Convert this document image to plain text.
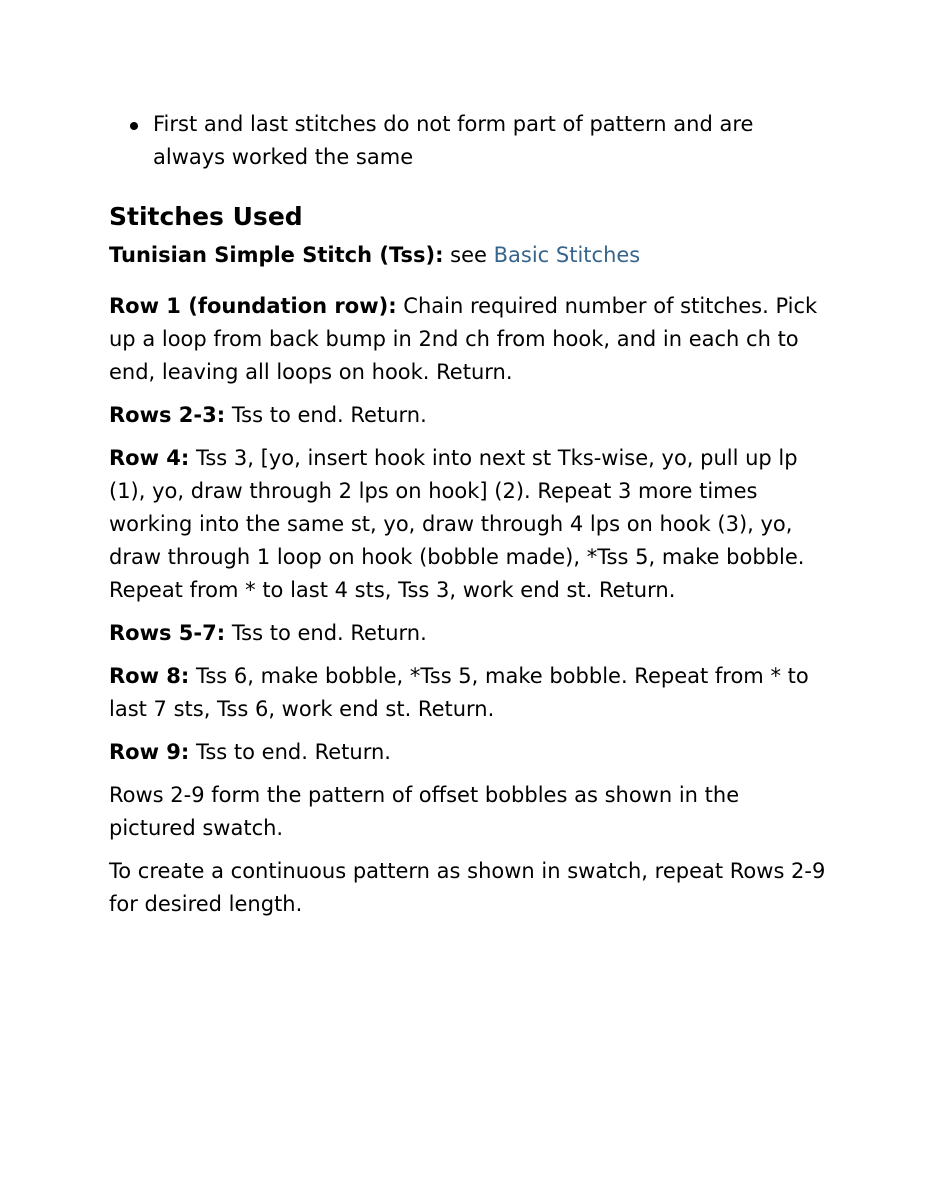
First and last stitches do not form part of pattern and are always worked the same
Stitches Used

Tunisian Simple Stitch (Tss): see Basic Stitches

Row 1 (foundation row): Chain required number of stitches. Pick up a loop from back bump in 2nd ch from hook, and in each ch to end, leaving all loops on hook. Return.

Rows 2-3: Tss to end. Return.

Row 4: Tss 3, [yo, insert hook into next st Tks-wise, yo, pull up lp (1), yo, draw through 2 lps on hook] (2). Repeat 3 more times working into the same st, yo, draw through 4 lps on hook (3), yo, draw through 1 loop on hook (bobble made), *Tss 5, make bobble. Repeat from * to last 4 sts, Tss 3, work end st. Return.

Rows 5-7: Tss to end. Return.

Row 8: Tss 6, make bobble, *Tss 5, make bobble. Repeat from * to last 7 sts, Tss 6, work end st. Return.

Row 9: Tss to end. Return.

Rows 2-9 form the pattern of offset bobbles as shown in the pictured swatch.

To create a continuous pattern as shown in swatch, repeat Rows 2-9 for desired length.
